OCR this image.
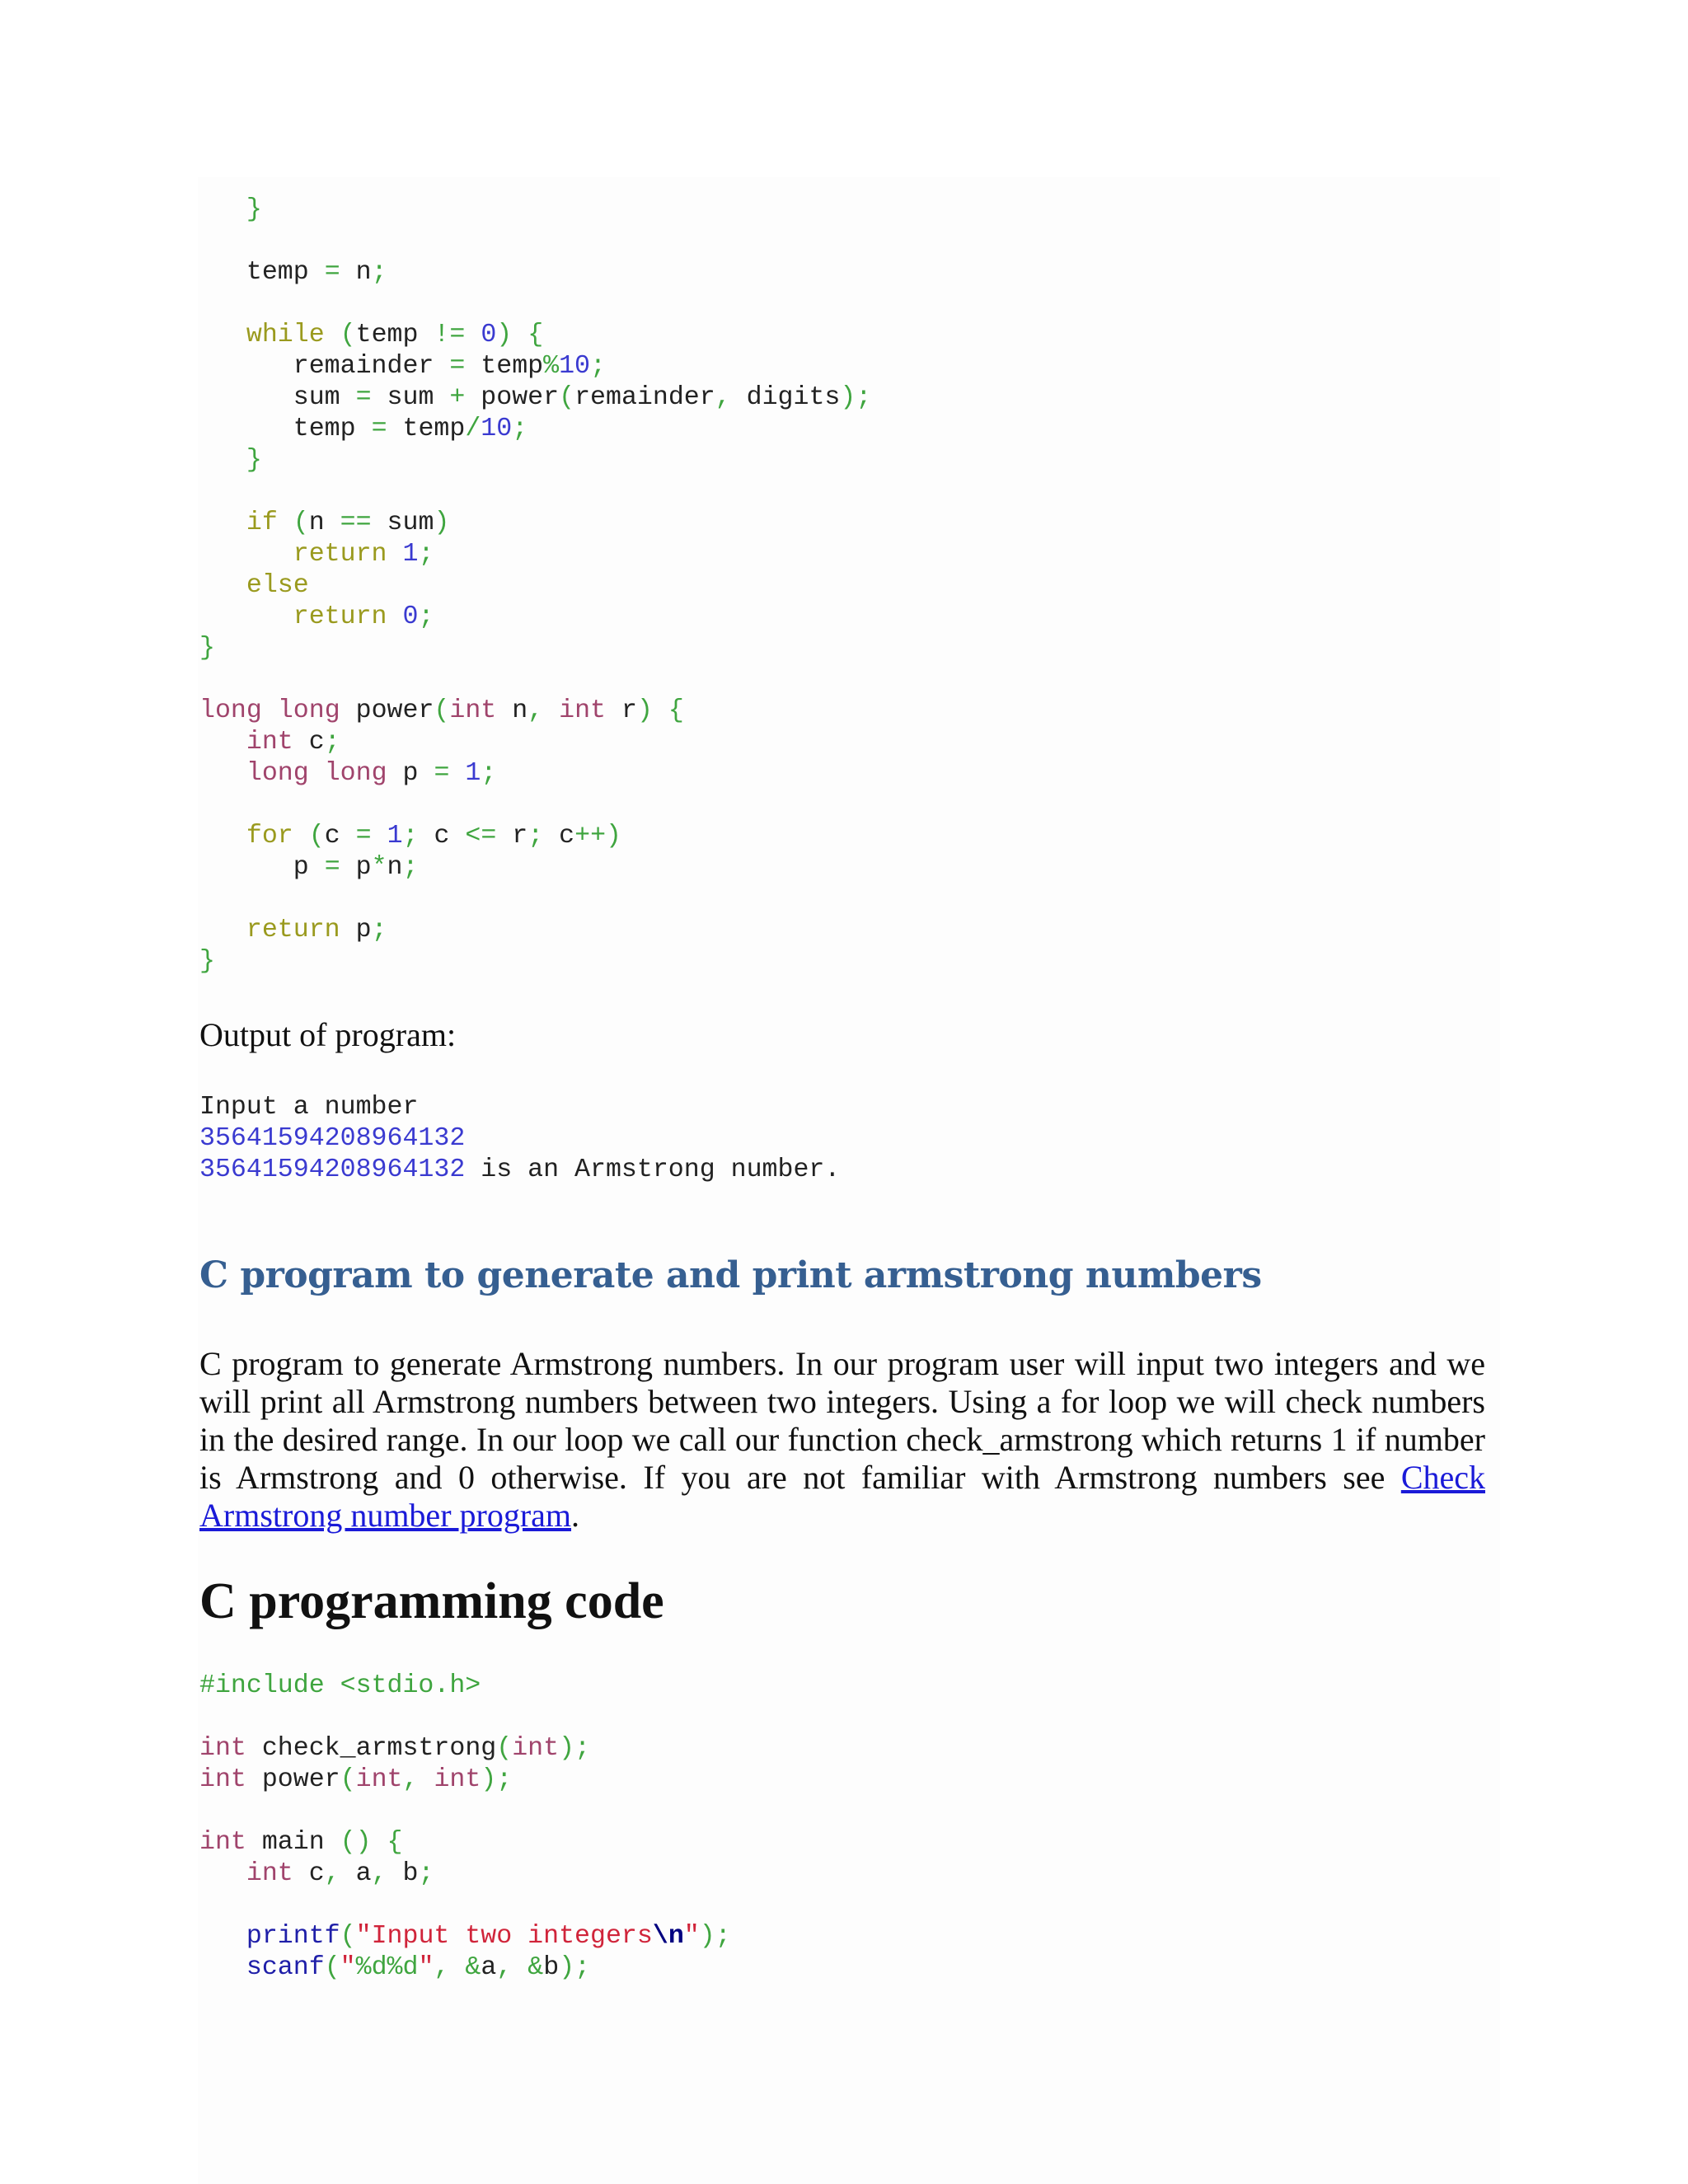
}
temp = n;
while (temp != 0) {
remainder = temp%10;
sum = sum + power(remainder, digits);
temp = temp/10;
}
if (n == sum)
return 1;
else
return 0;
}
long long power(int n, int r) {
int c;
long long p = 1;
for (c = 1; c <= r; c++)
p = p*n;
return p;
}

Output of program:

Input a number
35641594208964132
35641594208964132 is an Armstrong number.
C program to generate and print armstrong numbers

C program to generate Armstrong numbers. In our program user will input two integers and we will print all Armstrong numbers between two integers. Using a for loop we will check numbers in the desired range. In our loop we call our function check_armstrong which returns 1 if number is Armstrong and 0 otherwise. If you are not familiar with Armstrong numbers see Check Armstrong number program.

C programming code
#include <stdio.h>
int check_armstrong(int);
int power(int, int);
int main () {
int c, a, b;
printf("Input two integers\n");
scanf("%d%d", &a, &b);
